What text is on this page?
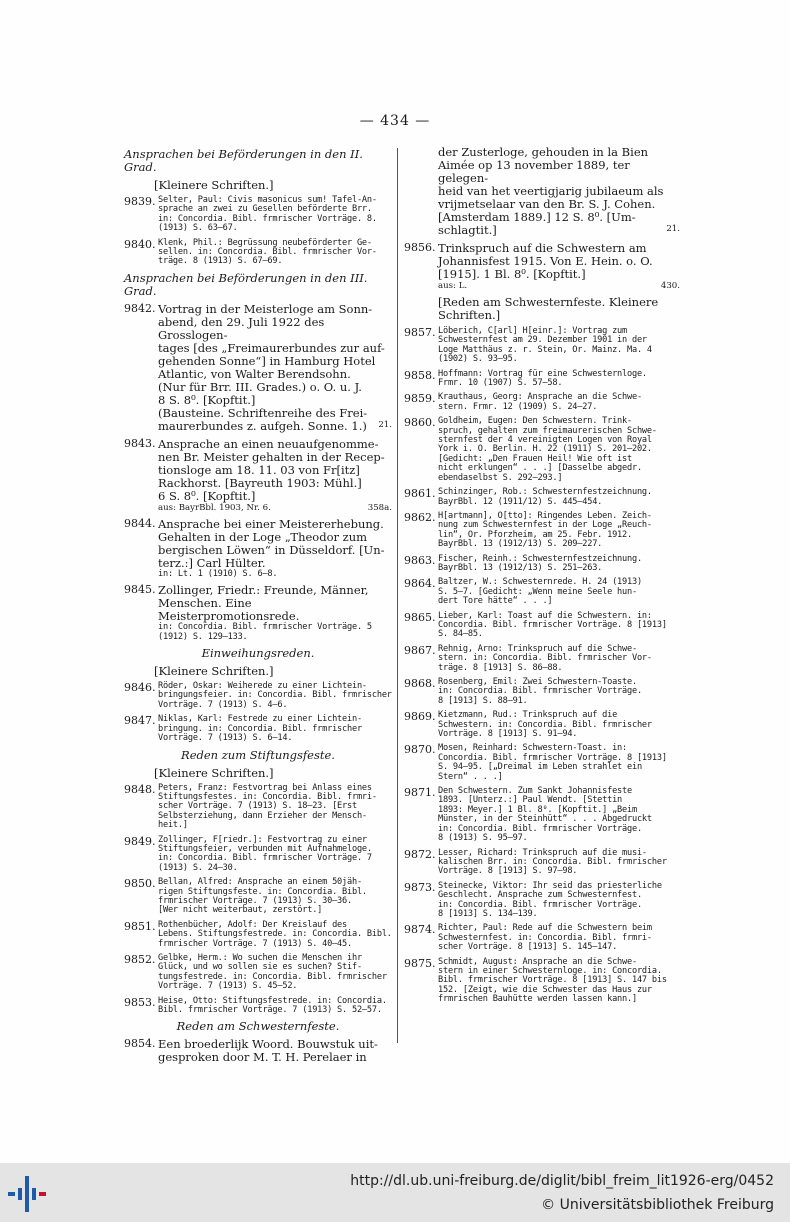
— 434 —
Ansprachen bei Beförderungen in den II. Grad.
[Kleinere Schriften.]
9839. Selter, Paul: Civis masonicus sum! Tafel-An-
sprache an zwei zu Gesellen beförderte Brr.
in: Concordia. Bibl. frmrischer Vorträge. 8.
(1913) S. 63—67.
9840. Klenk, Phil.: Begrüssung neubeförderter Ge-
sellen. in: Concordia. Bibl. frmrischer Vor-
träge. 8 (1913) S. 67—69.
Ansprachen bei Beförderungen in den III. Grad.
9842. Vortrag in der Meisterloge am Sonn-
abend, den 29. Juli 1922 des Grosslogen-
tages [des „Freimaurerbundes zur auf-
gehenden Sonne“] in Hamburg Hotel
Atlantic, von Walter Berendsohn.
(Nur für Brr. III. Grades.) o. O. u. J.
8 S. 8⁰. [Kopftit.]
(Bausteine. Schriftenreihe des Frei-
maurerbundes z. aufgeh. Sonne. 1.) 21.
9843. Ansprache an einen neuaufgenomme-
nen Br. Meister gehalten in der Recep-
tionsloge am 18. 11. 03 von Fr[itz]
Rackhorst. [Bayreuth 1903: Mühl.]
6 S. 8⁰. [Kopftit.]
aus: BayrBbl. 1903, Nr. 6.	358a.
9844. Ansprache bei einer Meistererhebung.
Gehalten in der Loge „Theodor zum
bergischen Löwen“ in Düsseldorf. [Un-
terz.:] Carl Hülter.
in: Lt. 1 (1910) S. 6—8.
9845. Zollinger, Friedr.: Freunde, Männer,
Menschen. Eine Meisterpromotionsrede.
in: Concordia. Bibl. frmrischer Vorträge. 5
(1912) S. 129—133.
Einweihungsreden.
[Kleinere Schriften.]
9846. Röder, Oskar: Weiherede zu einer Lichtein-
bringungsfeier. in: Concordia. Bibl. frmrischer
Vorträge. 7 (1913) S. 4—6.
9847. Niklas, Karl: Festrede zu einer Lichtein-
bringung. in: Concordia. Bibl. frmrischer
Vorträge. 7 (1913) S. 6—14.
Reden zum Stiftungsfeste.
[Kleinere Schriften.]
9848. Peters, Franz: Festvortrag bei Anlass eines
Stiftungsfestes. in: Concordia. Bibl. frmri-
scher Vorträge. 7 (1913) S. 18—23. [Erst
Selbsterziehung, dann Erzieher der Mensch-
heit.]
9849. Zollinger, F[riedr.]: Festvortrag zu einer
Stiftungsfeier, verbunden mit Aufnahmeloge.
in: Concordia. Bibl. frmrischer Vorträge. 7
(1913) S. 24—30.
9850. Bellan, Alfred: Ansprache an einem 50jäh-
rigen Stiftungsfeste. in: Concordia. Bibl.
frmrischer Vorträge. 7 (1913) S. 30—36.
[Wer nicht weiterbaut, zerstört.]
9851. Rothenbücher, Adolf: Der Kreislauf des
Lebens. Stiftungsfestrede. in: Concordia. Bibl.
frmrischer Vorträge. 7 (1913) S. 40—45.
9852. Gelbke, Herm.: Wo suchen die Menschen ihr
Glück, und wo sollen sie es suchen? Stif-
tungsfestrede. in: Concordia. Bibl. frmrischer
Vorträge. 7 (1913) S. 45—52.
9853. Heise, Otto: Stiftungsfestrede. in: Concordia.
Bibl. frmrischer Vorträge. 7 (1913) S. 52—57.
Reden am Schwesternfeste.
9854. Een broederlijk Woord. Bouwstuk uit-
gesproken door M. T. H. Perelaer in
der Zusterloge, gehouden in la Bien
Aimée op 13 november 1889, ter gelegen-
heid van het veertigjarig jubilaeum als
vrijmetselaar van den Br. S. J. Cohen.
[Amsterdam 1889.] 12 S. 8⁰. [Um-
schlagtit.]	21.
9856. Trinkspruch auf die Schwestern am
Johannisfest 1915. Von E. Hein. o. O.
[1915]. 1 Bl. 8⁰. [Kopftit.]
aus: L.	430.
[Reden am Schwesternfeste. Kleinere
Schriften.]
9857. Löberich, C[arl] H[einr.]: Vortrag zum
Schwesternfest am 29. Dezember 1901 in der
Loge Matthäus z. r. Stein, Or. Mainz. Ma. 4
(1902) S. 93—95.
9858. Hoffmann: Vortrag für eine Schwesternloge.
Frmr. 10 (1907) S. 57—58.
9859. Krauthaus, Georg: Ansprache an die Schwe-
stern. Frmr. 12 (1909) S. 24—27.
9860. Goldheim, Eugen: Den Schwestern. Trink-
spruch, gehalten zum freimaurerischen Schwe-
sternfest der 4 vereinigten Logen von Royal
York i. O. Berlin. H. 22 (1911) S. 201—202.
[Gedicht: „Den Frauen Heil! Wie oft ist
nicht erklungen“ . . .] [Dasselbe abgedr.
ebendaselbst S. 292—293.]
9861. Schinzinger, Rob.: Schwesternfestzeichnung.
BayrBbl. 12 (1911/12) S. 445—454.
9862. H[artmann], O[tto]: Ringendes Leben. Zeich-
nung zum Schwesternfest in der Loge „Reuch-
lin“, Or. Pforzheim, am 25. Febr. 1912.
BayrBbl. 13 (1912/13) S. 209—227.
9863. Fischer, Reinh.: Schwesternfestzeichnung.
BayrBbl. 13 (1912/13) S. 251—263.
9864. Baltzer, W.: Schwesternrede. H. 24 (1913)
S. 5—7. [Gedicht: „Wenn meine Seele hun-
dert Tore hätte“ . . .]
9865. Lieber, Karl: Toast auf die Schwestern. in:
Concordia. Bibl. frmrischer Vorträge. 8 [1913]
S. 84—85.
9867. Rehnig, Arno: Trinkspruch auf die Schwe-
stern. in: Concordia. Bibl. frmrischer Vor-
träge. 8 [1913] S. 86—88.
9868. Rosenberg, Emil: Zwei Schwestern-Toaste.
in: Concordia. Bibl. frmrischer Vorträge.
8 [1913] S. 88—91.
9869. Kietzmann, Rud.: Trinkspruch auf die
Schwestern. in: Concordia. Bibl. frmrischer
Vorträge. 8 [1913] S. 91—94.
9870. Mosen, Reinhard: Schwestern-Toast. in:
Concordia. Bibl. frmrischer Vorträge. 8 [1913]
S. 94—95. [„Dreimal im Leben strahlet ein
Stern“ . . .]
9871. Den Schwestern. Zum Sankt Johannisfeste
1893. [Unterz.:] Paul Wendt. [Stettin
1893: Meyer.] 1 Bl. 8⁰. [Kopftit.] „Beim
Münster, in der Steinhütt“ . . . Abgedruckt
in: Concordia. Bibl. frmrischer Vorträge.
8 (1913) S. 95—97.
9872. Lesser, Richard: Trinkspruch auf die musi-
kalischen Brr. in: Concordia. Bibl. frmrischer
Vorträge. 8 [1913] S. 97—98.
9873. Steinecke, Viktor: Ihr seid das priesterliche
Geschlecht. Ansprache zum Schwesternfest.
in: Concordia. Bibl. frmrischer Vorträge.
8 [1913] S. 134—139.
9874. Richter, Paul: Rede auf die Schwestern beim
Schwesternfest. in: Concordia. Bibl. frmri-
scher Vorträge. 8 [1913] S. 145—147.
9875. Schmidt, August: Ansprache an die Schwe-
stern in einer Schwesternloge. in: Concordia.
Bibl. frmrischer Vorträge. 8 [1913] S. 147 bis
152. [Zeigt, wie die Schwester das Haus zur
frmrischen Bauhütte werden lassen kann.]
http://dl.ub.uni-freiburg.de/diglit/bibl_freim_lit1926-erg/0452
© Universitätsbibliothek Freiburg
